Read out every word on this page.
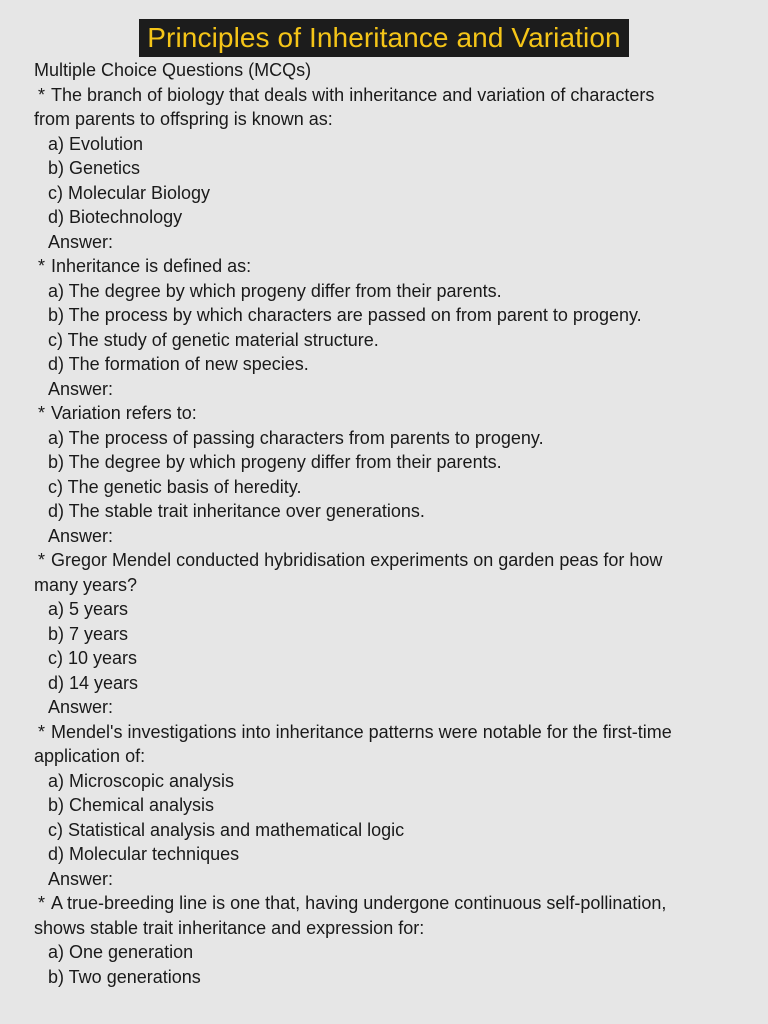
Principles of Inheritance and Variation
Multiple Choice Questions (MCQs)
* The branch of biology that deals with inheritance and variation of characters
from parents to offspring is known as:
a) Evolution
b) Genetics
c) Molecular Biology
d) Biotechnology
Answer:
* Inheritance is defined as:
a) The degree by which progeny differ from their parents.
b) The process by which characters are passed on from parent to progeny.
c) The study of genetic material structure.
d) The formation of new species.
Answer:
* Variation refers to:
a) The process of passing characters from parents to progeny.
b) The degree by which progeny differ from their parents.
c) The genetic basis of heredity.
d) The stable trait inheritance over generations.
Answer:
* Gregor Mendel conducted hybridisation experiments on garden peas for how
many years?
a) 5 years
b) 7 years
c) 10 years
d) 14 years
Answer:
* Mendel's investigations into inheritance patterns were notable for the first-time
application of:
a) Microscopic analysis
b) Chemical analysis
c) Statistical analysis and mathematical logic
d) Molecular techniques
Answer:
* A true-breeding line is one that, having undergone continuous self-pollination,
shows stable trait inheritance and expression for:
a) One generation
b) Two generations
